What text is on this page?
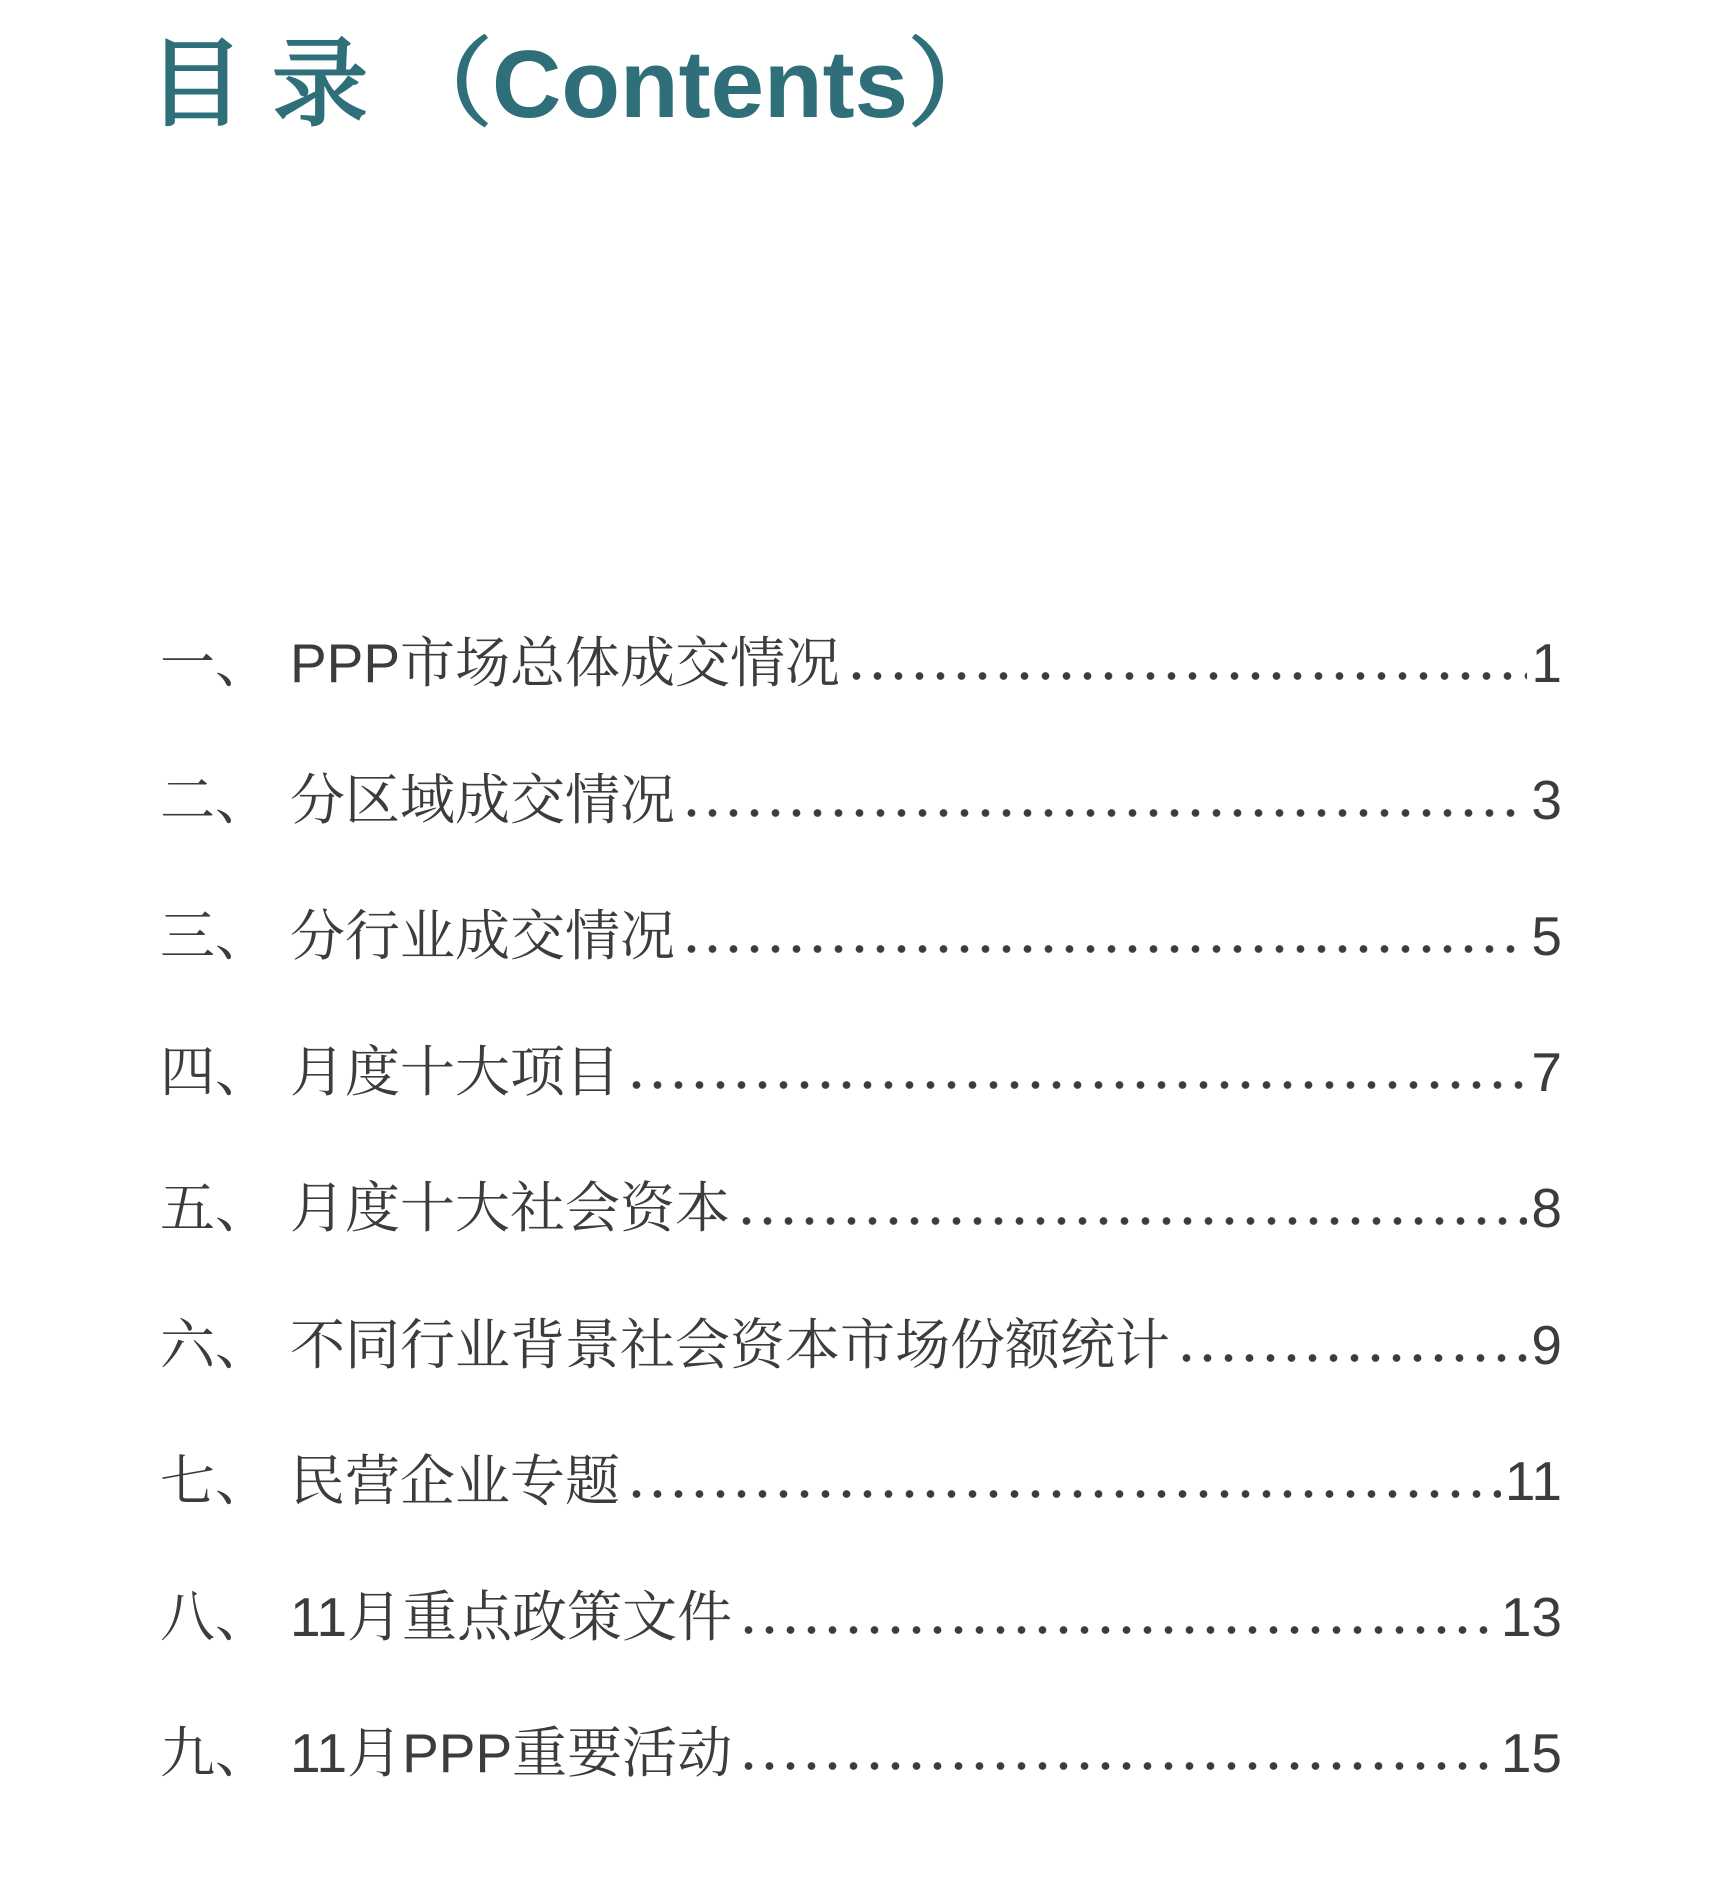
目录（Contents）
一、 PPP市场总体成交情况	1
二、 分区域成交情况	3
三、 分行业成交情况	5
四、 月度十大项目	7
五、 月度十大社会资本	8
六、 不同行业背景社会资本市场份额统计	9
七、 民营企业专题	11
八、 11月重点政策文件	13
九、 11月PPP重要活动	15
